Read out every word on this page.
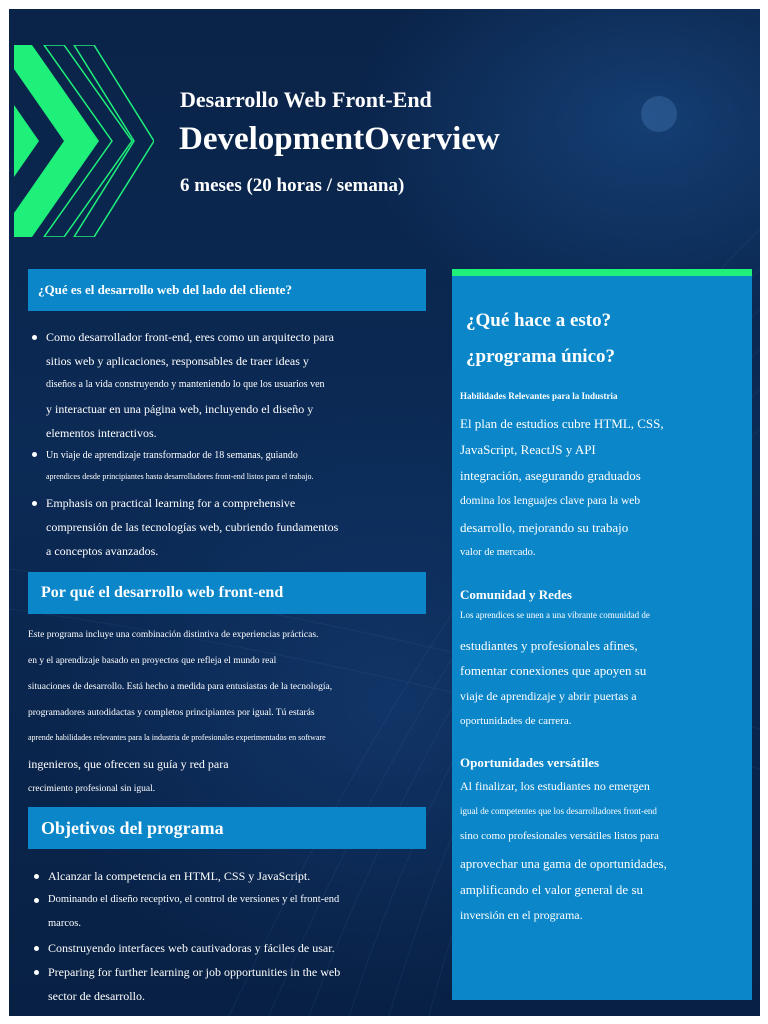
Desarrollo Web Front-End
DevelopmentOverview
6 meses (20 horas / semana)
¿Qué es el desarrollo web del lado del cliente?
Como desarrollador front-end, eres como un arquitecto para
sitios web y aplicaciones, responsables de traer ideas y
diseños a la vida construyendo y manteniendo lo que los usuarios ven
y interactuar en una página web, incluyendo el diseño y
elementos interactivos.
Un viaje de aprendizaje transformador de 18 semanas, guiando
aprendices desde principiantes hasta desarrolladores front-end listos para el trabajo.
Emphasis on practical learning for a comprehensive
comprensión de las tecnologías web, cubriendo fundamentos
a conceptos avanzados.
Por qué el desarrollo web front-end
Este programa incluye una combinación distintiva de experiencias prácticas.
en y el aprendizaje basado en proyectos que refleja el mundo real
situaciones de desarrollo. Está hecho a medida para entusiastas de la tecnología,
programadores autodidactas y completos principiantes por igual. Tú estarás
aprende habilidades relevantes para la industria de profesionales experimentados en software
ingenieros, que ofrecen su guía y red para
crecimiento profesional sin igual.
Objetivos del programa
Alcanzar la competencia en HTML, CSS y JavaScript.
Dominando el diseño receptivo, el control de versiones y el front-end
marcos.
Construyendo interfaces web cautivadoras y fáciles de usar.
Preparing for further learning or job opportunities in the web
sector de desarrollo.
¿Qué hace a esto?
¿programa único?
Habilidades Relevantes para la Industria
El plan de estudios cubre HTML, CSS,
JavaScript, ReactJS y API
integración, asegurando graduados
domina los lenguajes clave para la web
desarrollo, mejorando su trabajo
valor de mercado.
Comunidad y Redes
Los aprendices se unen a una vibrante comunidad de
estudiantes y profesionales afines,
fomentar conexiones que apoyen su
viaje de aprendizaje y abrir puertas a
oportunidades de carrera.
Oportunidades versátiles
Al finalizar, los estudiantes no emergen
igual de competentes que los desarrolladores front-end
sino como profesionales versátiles listos para
aprovechar una gama de oportunidades,
amplificando el valor general de su
inversión en el programa.
